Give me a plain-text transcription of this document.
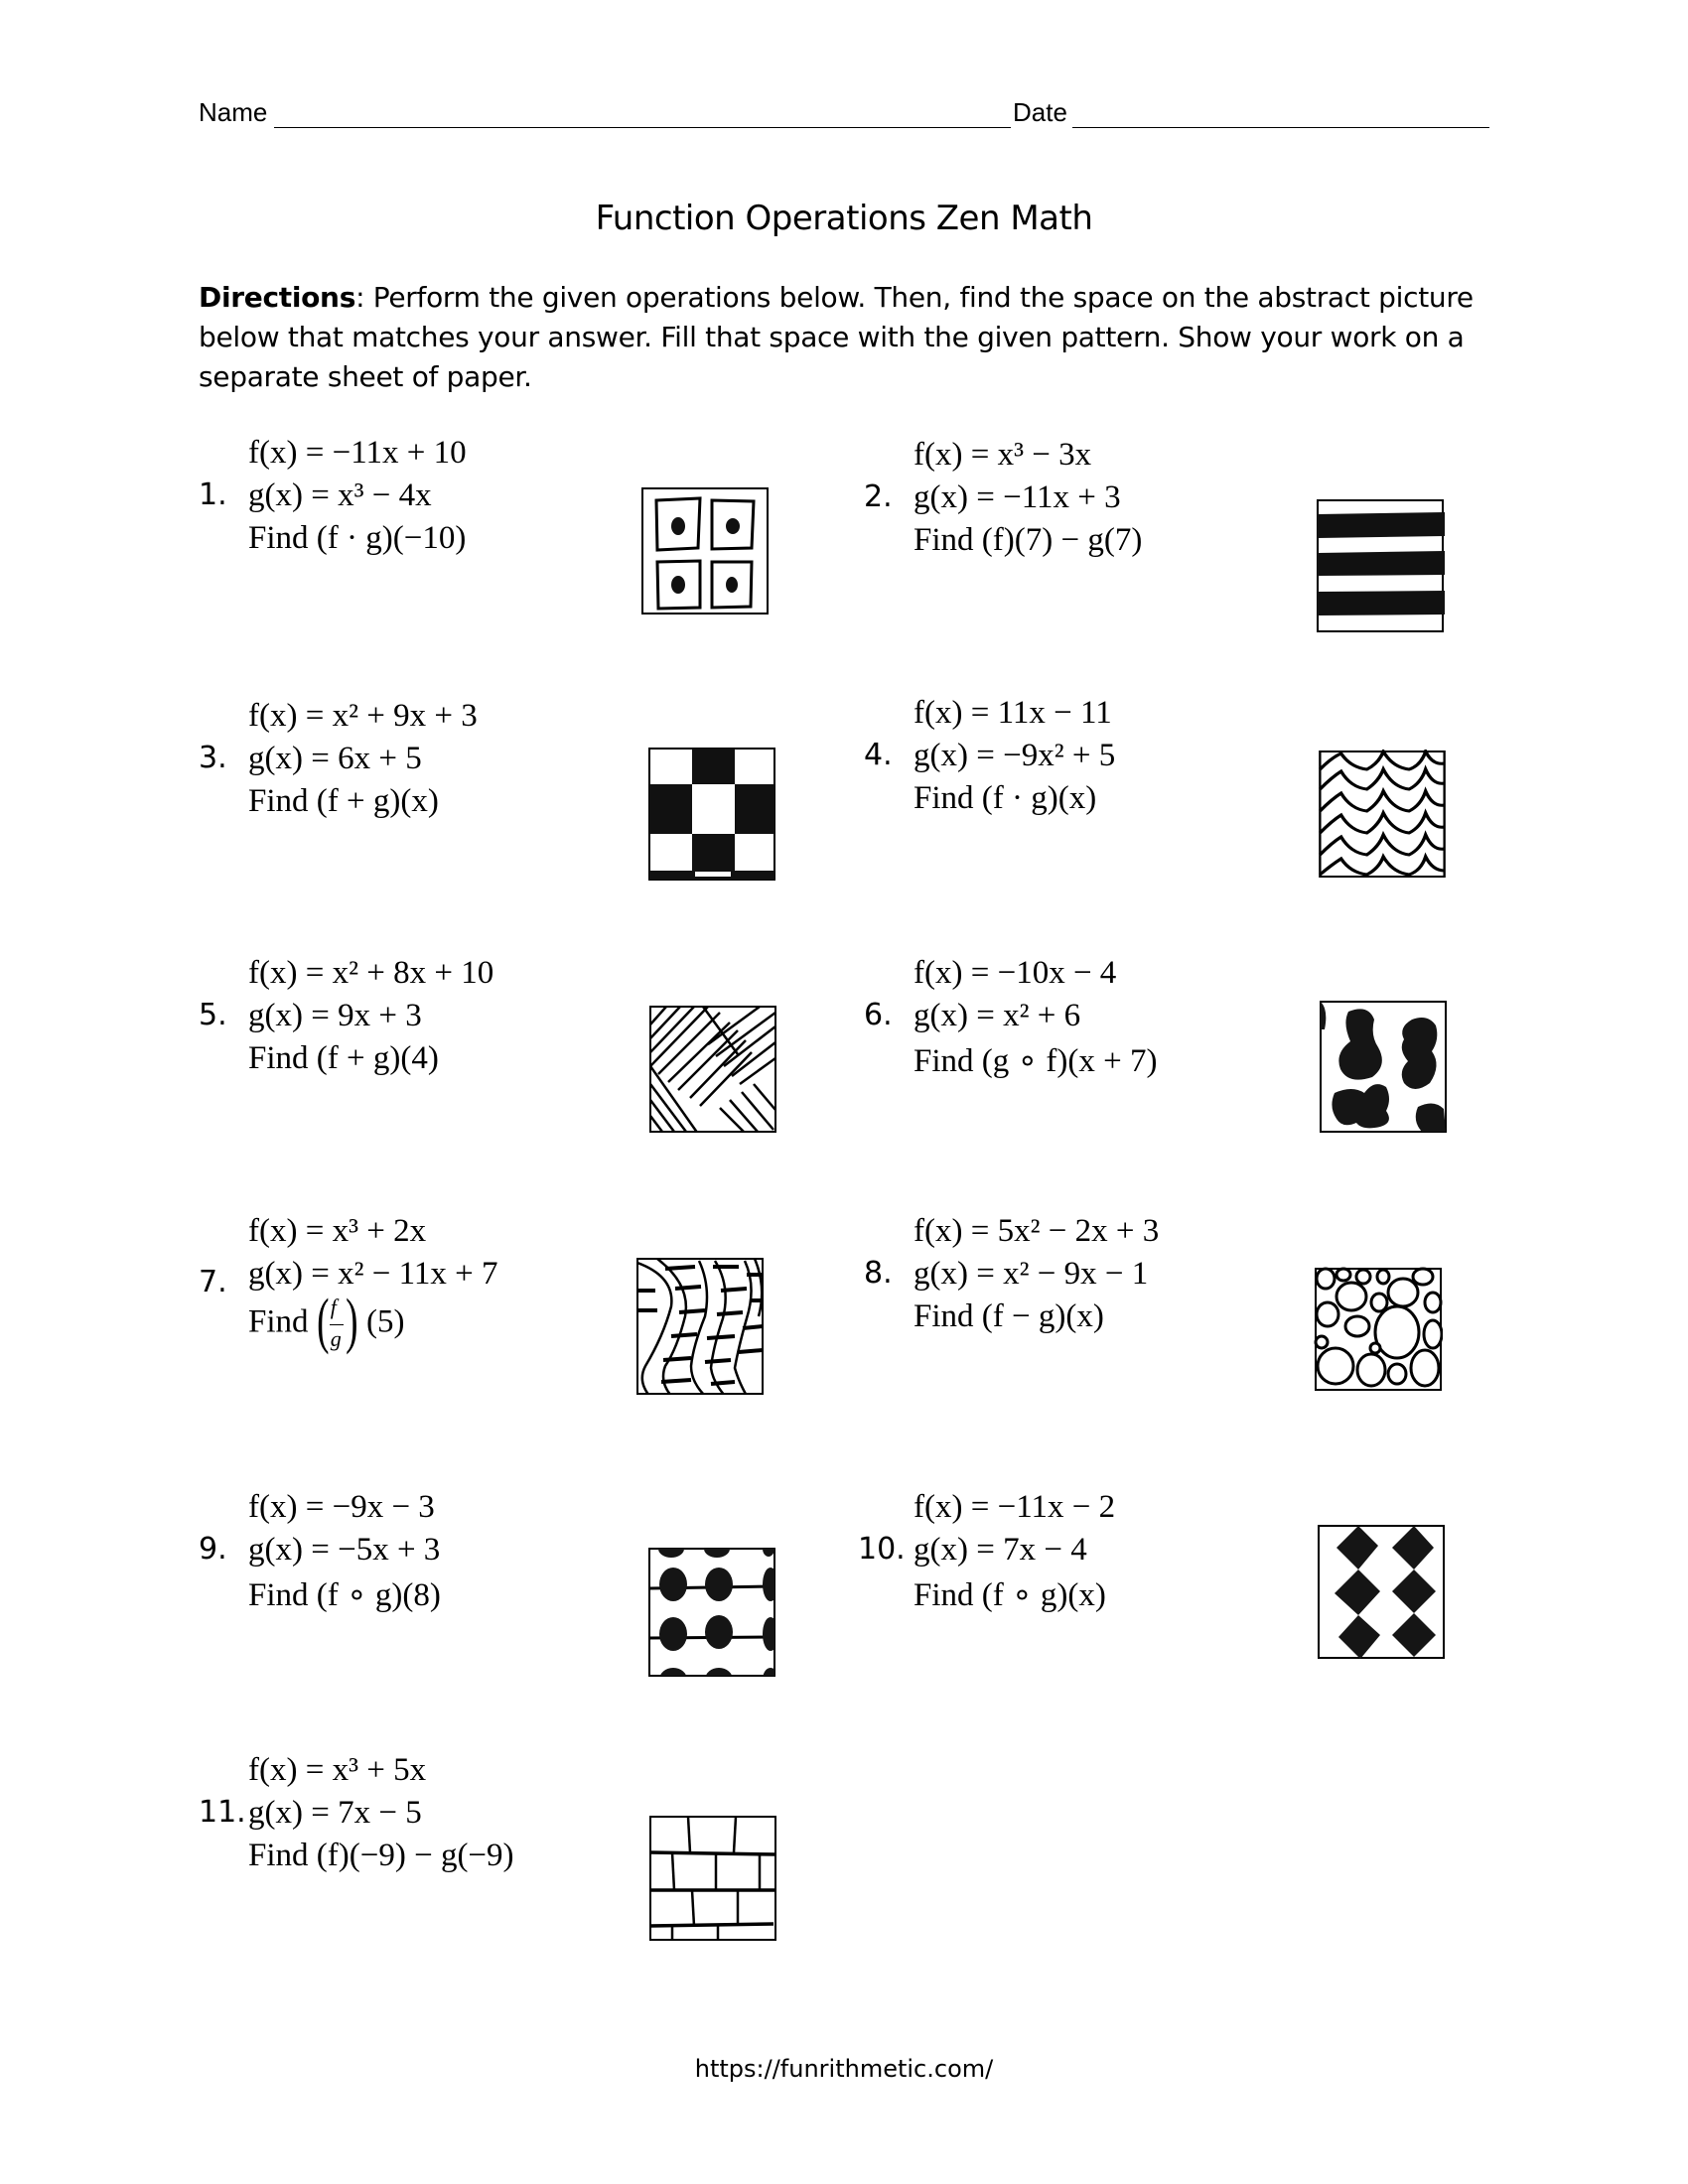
Name	Date
Function Operations Zen Math
Directions: Perform the given operations below. Then, find the space on the abstract picture below that matches your answer. Fill that space with the given pattern. Show your work on a separate sheet of paper.
1.
f(x) = −11x + 10
g(x) = x³ − 4x
Find (f · g)(−10)
2.
f(x) = x³ − 3x
g(x) = −11x + 3
Find (f)(7) − g(7)
3.
f(x) = x² + 9x + 3
g(x) = 6x + 5
Find (f + g)(x)
4.
f(x) = 11x − 11
g(x) = −9x² + 5
Find (f · g)(x)
5.
f(x) = x² + 8x + 10
g(x) = 9x + 3
Find (f + g)(4)
6.
f(x) = −10x − 4
g(x) = x² + 6
Find (g ∘ f)(x + 7)
7.
f(x) = x³ + 2x
g(x) = x² − 11x + 7
Find ( f
g ) (5)
8.
f(x) = 5x² − 2x + 3
g(x) = x² − 9x − 1
Find (f − g)(x)
9.
f(x) = −9x − 3
g(x) = −5x + 3
Find (f ∘ g)(8)
10.
f(x) = −11x − 2
g(x) = 7x − 4
Find (f ∘ g)(x)
11.
f(x) = x³ + 5x
g(x) = 7x − 5
Find (f)(−9) − g(−9)
https://funrithmetic.com/
